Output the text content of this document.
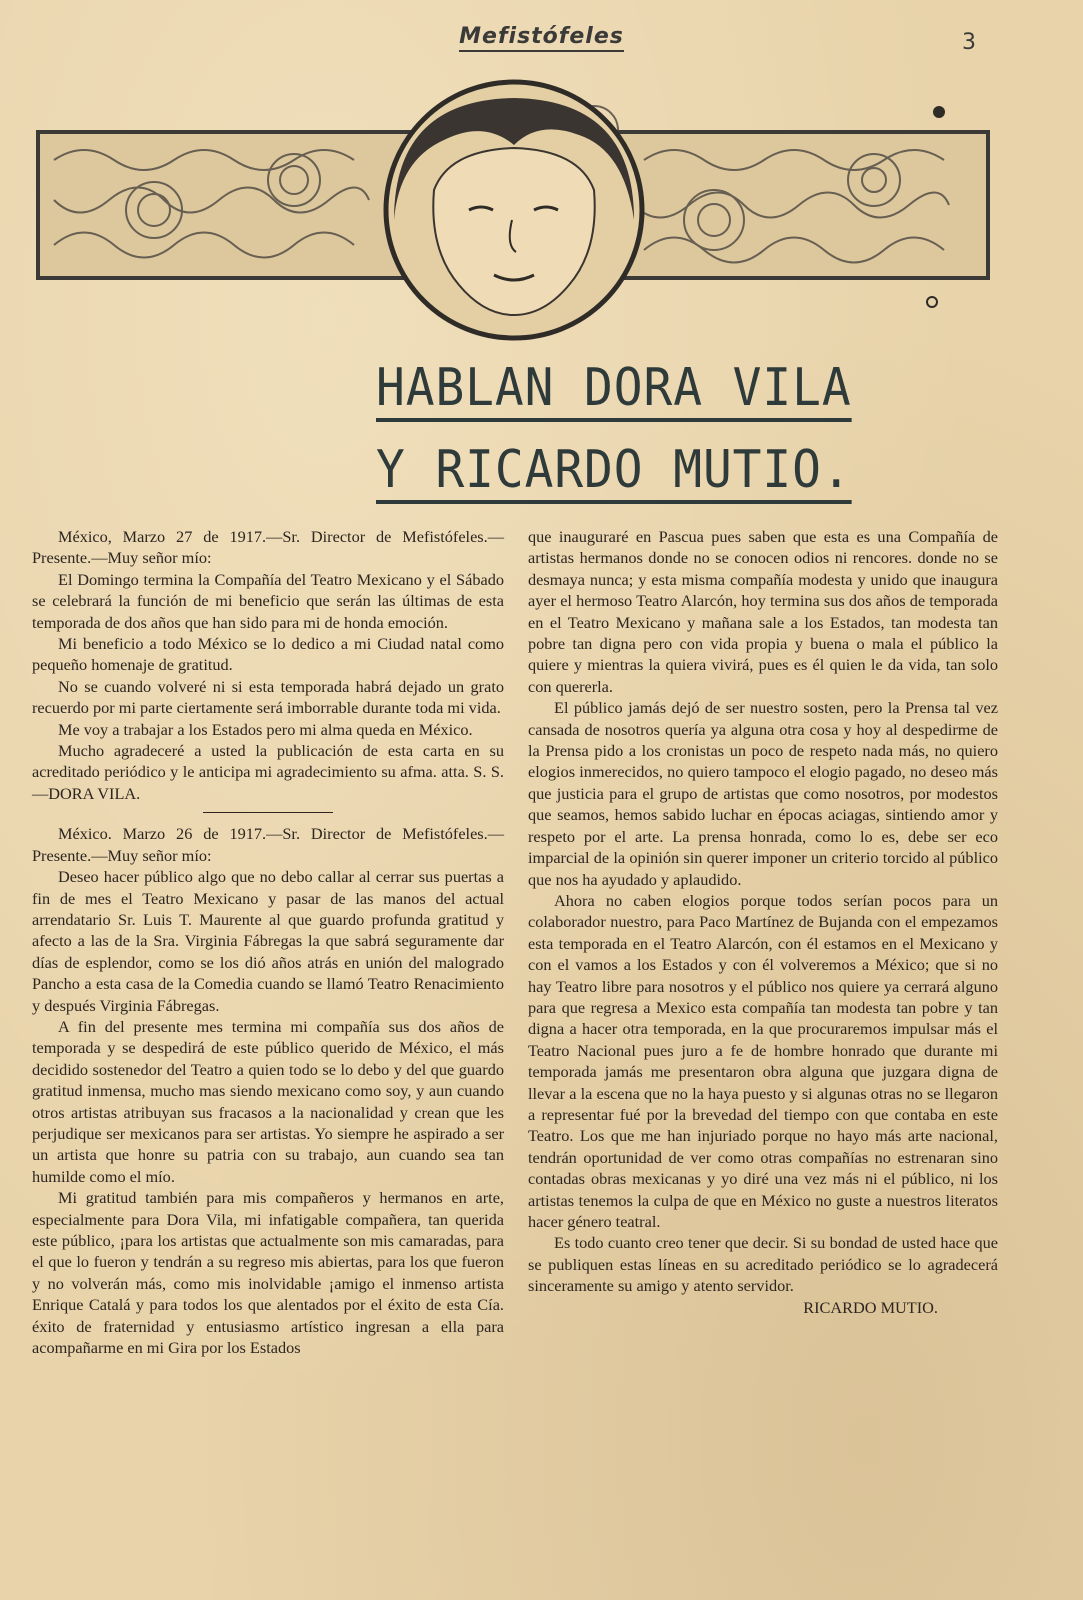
Mefistófeles	3
HABLAN DORA VILA
Y RICARDO MUTIO.

México, Marzo 27 de 1917.—Sr. Director de Mefistófeles.—Presente.—Muy señor mío:

El Domingo termina la Compañía del Teatro Mexicano y el Sábado se celebrará la función de mi beneficio que serán las últimas de esta temporada de dos años que han sido para mi de honda emoción.

Mi beneficio a todo México se lo dedico a mi Ciudad natal como pequeño homenaje de gratitud.

No se cuando volveré ni si esta temporada habrá dejado un grato recuerdo por mi parte ciertamente será imborrable durante toda mi vida.

Me voy a trabajar a los Estados pero mi alma queda en México.

Mucho agradeceré a usted la publicación de esta carta en su acreditado periódico y le anticipa mi agradecimiento su afma. atta. S. S.—DORA VILA.

México. Marzo 26 de 1917.—Sr. Director de Mefistófeles.—Presente.—Muy señor mío:

Deseo hacer público algo que no debo callar al cerrar sus puertas a fin de mes el Teatro Mexicano y pasar de las manos del actual arrendatario Sr. Luis T. Maurente al que guardo profunda gratitud y afecto a las de la Sra. Virginia Fábregas la que sabrá seguramente dar días de esplendor, como se los dió años atrás en unión del malogrado Pancho a esta casa de la Comedia cuando se llamó Teatro Renacimiento y después Virginia Fábregas.

A fin del presente mes termina mi compañía sus dos años de temporada y se despedirá de este público querido de México, el más decidido sostenedor del Teatro a quien todo se lo debo y del que guardo gratitud inmensa, mucho mas siendo mexicano como soy, y aun cuando otros artistas atribuyan sus fracasos a la nacionalidad y crean que les perjudique ser mexicanos para ser artistas. Yo siempre he aspirado a ser un artista que honre su patria con su trabajo, aun cuando sea tan humilde como el mío.

Mi gratitud también para mis compañeros y hermanos en arte, especialmente para Dora Vila, mi infatigable compañera, tan querida este público, ¡para los artistas que actualmente son mis camaradas, para el que lo fueron y tendrán a su regreso mis abiertas, para los que fueron y no volverán más, como mis inolvidable ¡amigo el inmenso artista Enrique Catalá y para todos los que alentados por el éxito de esta Cía. éxito de fraternidad y entusiasmo artístico ingresan a ella para acompañarme en mi Gira por los Estados

que inauguraré en Pascua pues saben que esta es una Compañía de artistas hermanos donde no se conocen odios ni rencores. donde no se desmaya nunca; y esta misma compañía modesta y unido que inaugura ayer el hermoso Teatro Alarcón, hoy termina sus dos años de temporada en el Teatro Mexicano y mañana sale a los Estados, tan modesta tan pobre tan digna pero con vida propia y buena o mala el público la quiere y mientras la quiera vivirá, pues es él quien le da vida, tan solo con quererla.

El público jamás dejó de ser nuestro sosten, pero la Prensa tal vez cansada de nosotros quería ya alguna otra cosa y hoy al despedirme de la Prensa pido a los cronistas un poco de respeto nada más, no quiero elogios inmerecidos, no quiero tampoco el elogio pagado, no deseo más que justicia para el grupo de artistas que como nosotros, por modestos que seamos, hemos sabido luchar en épocas aciagas, sintiendo amor y respeto por el arte. La prensa honrada, como lo es, debe ser eco imparcial de la opinión sin querer imponer un criterio torcido al público que nos ha ayudado y aplaudido.

Ahora no caben elogios porque todos serían pocos para un colaborador nuestro, para Paco Martínez de Bujanda con el empezamos esta temporada en el Teatro Alarcón, con él estamos en el Mexicano y con el vamos a los Estados y con él volveremos a México; que si no hay Teatro libre para nosotros y el público nos quiere ya cerrará alguno para que regresa a Mexico esta compañía tan modesta tan pobre y tan digna a hacer otra temporada, en la que procuraremos impulsar más el Teatro Nacional pues juro a fe de hombre honrado que durante mi temporada jamás me presentaron obra alguna que juzgara digna de llevar a la escena que no la haya puesto y si algunas otras no se llegaron a representar fué por la brevedad del tiempo con que contaba en este Teatro. Los que me han injuriado porque no hayo más arte nacional, tendrán oportunidad de ver como otras compañías no estrenaran sino contadas obras mexicanas y yo diré una vez más ni el público, ni los artistas tenemos la culpa de que en México no guste a nuestros literatos hacer género teatral.

Es todo cuanto creo tener que decir. Si su bondad de usted hace que se publiquen estas líneas en su acreditado periódico se lo agradecerá sinceramente su amigo y atento servidor.

RICARDO MUTIO.
